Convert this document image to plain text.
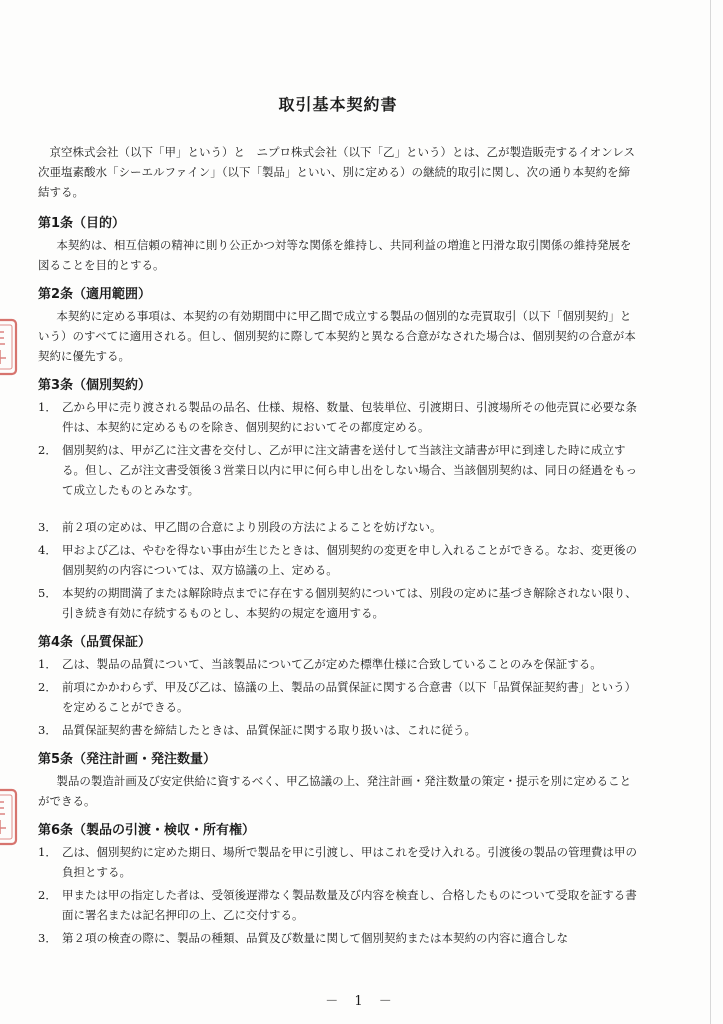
取引基本契約書

京空株式会社（以下「甲」という）と　ニプロ株式会社（以下「乙」という）とは、乙が製造販売するイオンレス次亜塩素酸水「シーエルファイン」（以下「製品」といい、別に定める）の継続的取引に関し、次の通り本契約を締結する。

第1条（目的）

本契約は、相互信頼の精神に則り公正かつ対等な関係を維持し、共同利益の増進と円滑な取引関係の維持発展を図ることを目的とする。

第2条（適用範囲）

本契約に定める事項は、本契約の有効期間中に甲乙間で成立する製品の個別的な売買取引（以下「個別契約」という）のすべてに適用される。但し、個別契約に際して本契約と異なる合意がなされた場合は、個別契約の合意が本契約に優先する。

第3条（個別契約）
1． 乙から甲に売り渡される製品の品名、仕様、規格、数量、包装単位、引渡期日、引渡場所その他売買に必要な条件は、本契約に定めるものを除き、個別契約においてその都度定める。
2． 個別契約は、甲が乙に注文書を交付し、乙が甲に注文請書を送付して当該注文請書が甲に到達した時に成立する。但し、乙が注文書受領後３営業日以内に甲に何ら申し出をしない場合、当該個別契約は、同日の経過をもって成立したものとみなす。
3． 前２項の定めは、甲乙間の合意により別段の方法によることを妨げない。
4． 甲および乙は、やむを得ない事由が生じたときは、個別契約の変更を申し入れることができる。なお、変更後の個別契約の内容については、双方協議の上、定める。
5． 本契約の期間満了または解除時点までに存在する個別契約については、別段の定めに基づき解除されない限り、引き続き有効に存続するものとし、本契約の規定を適用する。
第4条（品質保証）
1． 乙は、製品の品質について、当該製品について乙が定めた標準仕様に合致していることのみを保証する。
2． 前項にかかわらず、甲及び乙は、協議の上、製品の品質保証に関する合意書（以下「品質保証契約書」という）を定めることができる。
3． 品質保証契約書を締結したときは、品質保証に関する取り扱いは、これに従う。
第5条（発注計画・発注数量）

製品の製造計画及び安定供給に資するべく、甲乙協議の上、発注計画・発注数量の策定・提示を別に定めることができる。

第6条（製品の引渡・検収・所有権）
1． 乙は、個別契約に定めた期日、場所で製品を甲に引渡し、甲はこれを受け入れる。引渡後の製品の管理費は甲の負担とする。
2． 甲または甲の指定した者は、受領後遅滞なく製品数量及び内容を検査し、合格したものについて受取を証する書面に署名または記名押印の上、乙に交付する。
3． 第２項の検査の際に、製品の種類、品質及び数量に関して個別契約または本契約の内容に適合しな
－ 1 －
